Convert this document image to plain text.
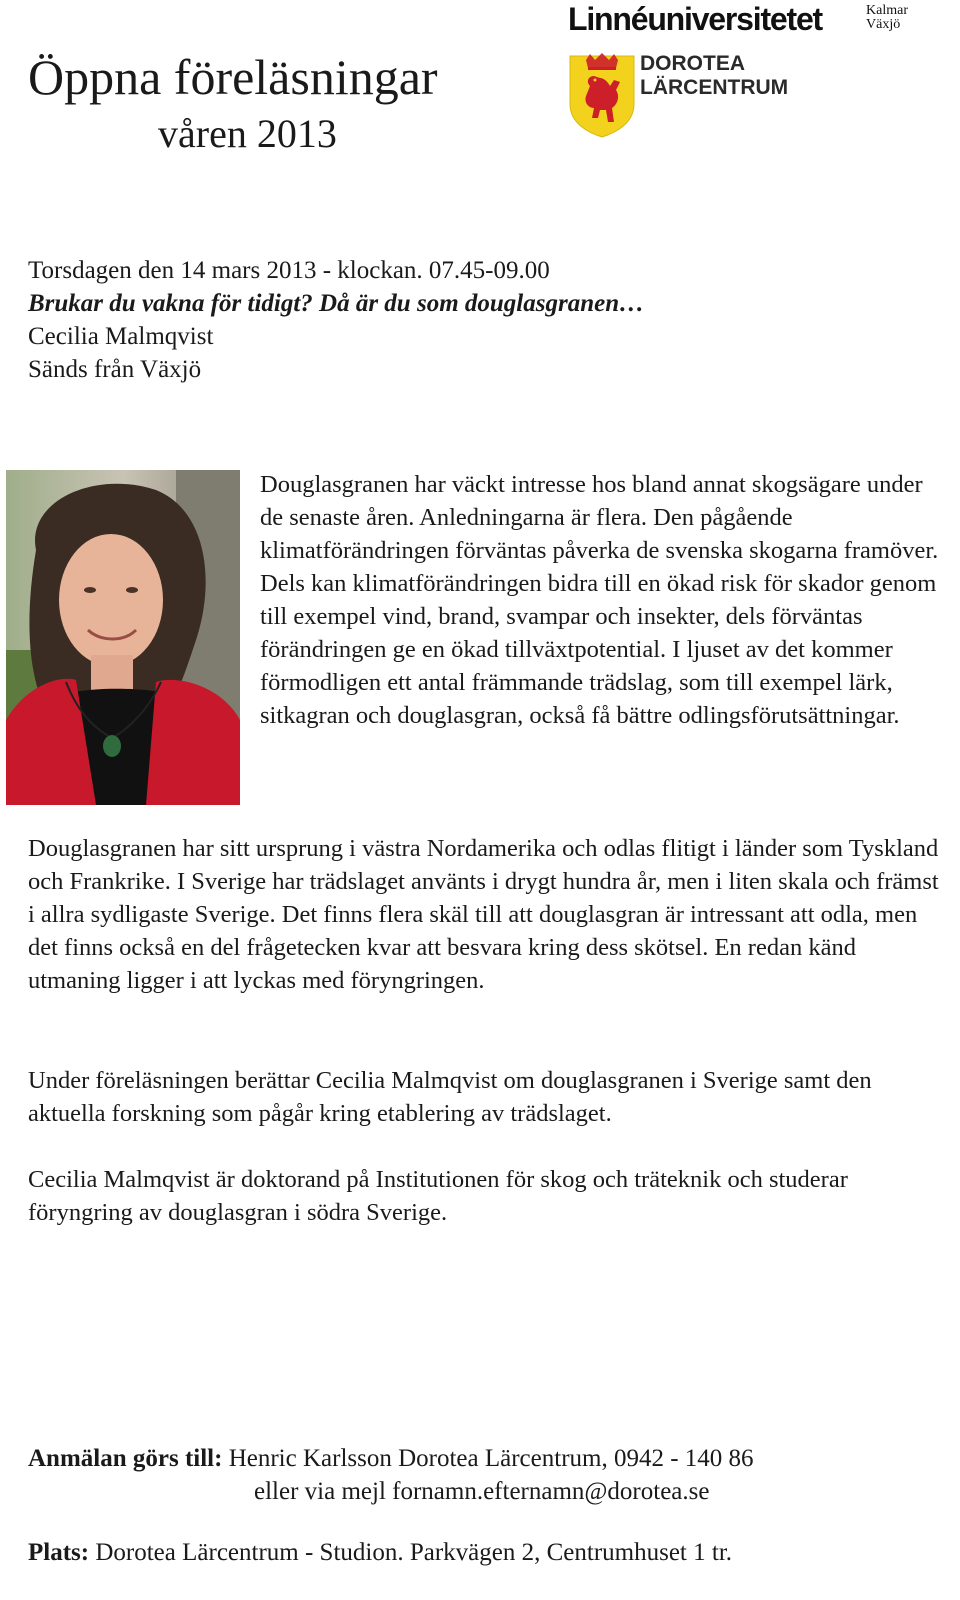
Öppna föreläsningar
våren 2013
Linnéuniversitetet	Kalmar
Växjö
DOROTEA
LÄRCENTRUM
Torsdagen den 14 mars 2013 - klockan. 07.45-09.00
Brukar du vakna för tidigt? Då är du som douglasgranen…
Cecilia Malmqvist
Sänds från Växjö
Douglasgranen har väckt intresse hos bland annat skogsägare under de senaste åren. Anledningarna är flera. Den pågående klimatförändringen förväntas påverka de svenska skogarna framöver. Dels kan klimatförändringen bidra till en ökad risk för skador genom till exempel vind, brand, svampar och insekter, dels förväntas förändringen ge en ökad tillväxtpotential. I ljuset av det kommer förmodligen ett antal främmande trädslag, som till exempel lärk, sitkagran och douglasgran, också få bättre odlingsförutsättningar.
Douglasgranen har sitt ursprung i västra Nordamerika och odlas flitigt i länder som Tyskland och Frankrike. I Sverige har trädslaget använts i drygt hundra år, men i liten skala och främst i allra sydligaste Sverige. Det finns flera skäl till att douglasgran är intressant att odla, men det finns också en del frågetecken kvar att besvara kring dess skötsel. En redan känd utmaning ligger i att lyckas med föryngringen.
Under föreläsningen berättar Cecilia Malmqvist om douglasgranen i Sverige samt den aktuella forskning som pågår kring etablering av trädslaget.
Cecilia Malmqvist är doktorand på Institutionen för skog och träteknik och studerar föryngring av douglasgran i södra Sverige.
Anmälan görs till: Henric Karlsson Dorotea Lärcentrum, 0942 - 140 86
eller via mejl fornamn.efternamn@dorotea.se
Plats: Dorotea Lärcentrum - Studion. Parkvägen 2, Centrumhuset 1 tr.
